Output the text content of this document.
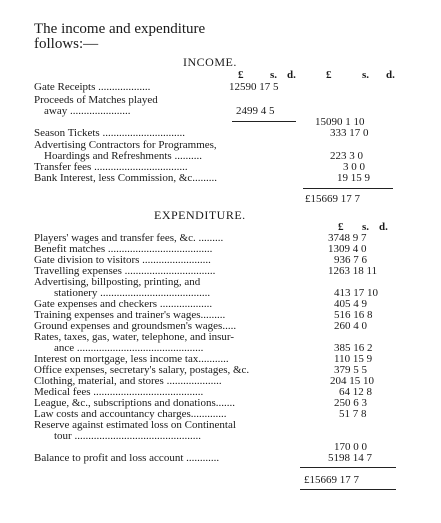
The income and expenditure
follows:—
INCOME.
£ s. d.	£	s. d.
Gate Receipts ...................	12590 17 5
Proceeds of Matches played
away ......................	2499 4 5
15090 1 10
Season Tickets ..............................	333 17 0
Advertising Contractors for Programmes,
Hoardings and Refreshments ..........	223 3 0
Transfer fees ..................................	3 0 0
Bank Interest, less Commission, &c.........	19 15 9
£15669 17 7
EXPENDITURE.
£ s. d.
Players' wages and transfer fees, &c. .........	3748 9 7
Benefit matches ......................................	1309 4 0
Gate division to visitors .........................	936 7 6
Travelling expenses .................................	1263 18 11
Advertising, billposting, printing, and
stationery ........................................	413 17 10
Gate expenses and checkers ...................	405 4 9
Training expenses and trainer's wages.........	516 16 8
Ground expenses and groundsmen's wages.....	260 4 0
Rates, taxes, gas, water, telephone, and insur-
ance ..............................................	385 16 2
Interest on mortgage, less income tax...........	110 15 9
Office expenses, secretary's salary, postages, &c.	379 5 5
Clothing, material, and stores ....................	204 15 10
Medical fees ........................................	64 12 8
League, &c., subscriptions and donations.......	250 6 3
Law costs and accountancy charges.............	51 7 8
Reserve against estimated loss on Continental
tour ..............................................
170 0 0
Balance to profit and loss account ............	5198 14 7
£15669 17 7
